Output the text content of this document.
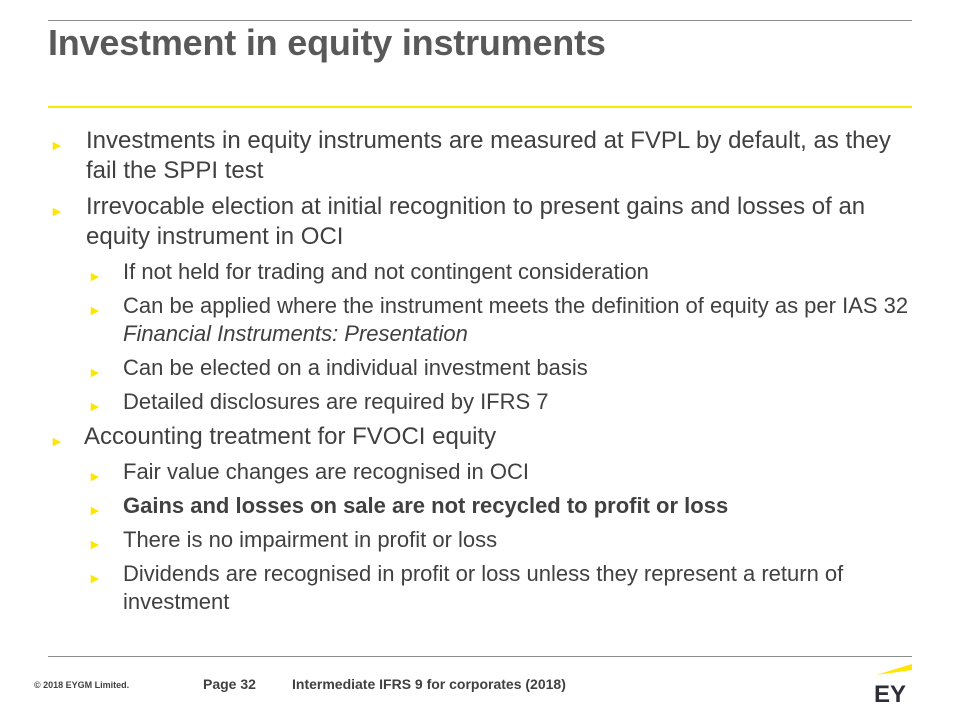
Investment in equity instruments
► Investments in equity instruments are measured at FVPL by default, as they fail the SPPI test
► Irrevocable election at initial recognition to present gains and losses of an equity instrument in OCI
► If not held for trading and not contingent consideration
► Can be applied where the instrument meets the definition of equity as per IAS 32 Financial Instruments: Presentation
► Can be elected on a individual investment basis
► Detailed disclosures are required by IFRS 7
► Accounting treatment for FVOCI equity
► Fair value changes are recognised in OCI
► Gains and losses on sale are not recycled to profit or loss
► There is no impairment in profit or loss
► Dividends are recognised in profit or loss unless they represent a return of investment
© 2018 EYGM Limited.	Page 32	Intermediate IFRS 9 for corporates (2018)	EY
